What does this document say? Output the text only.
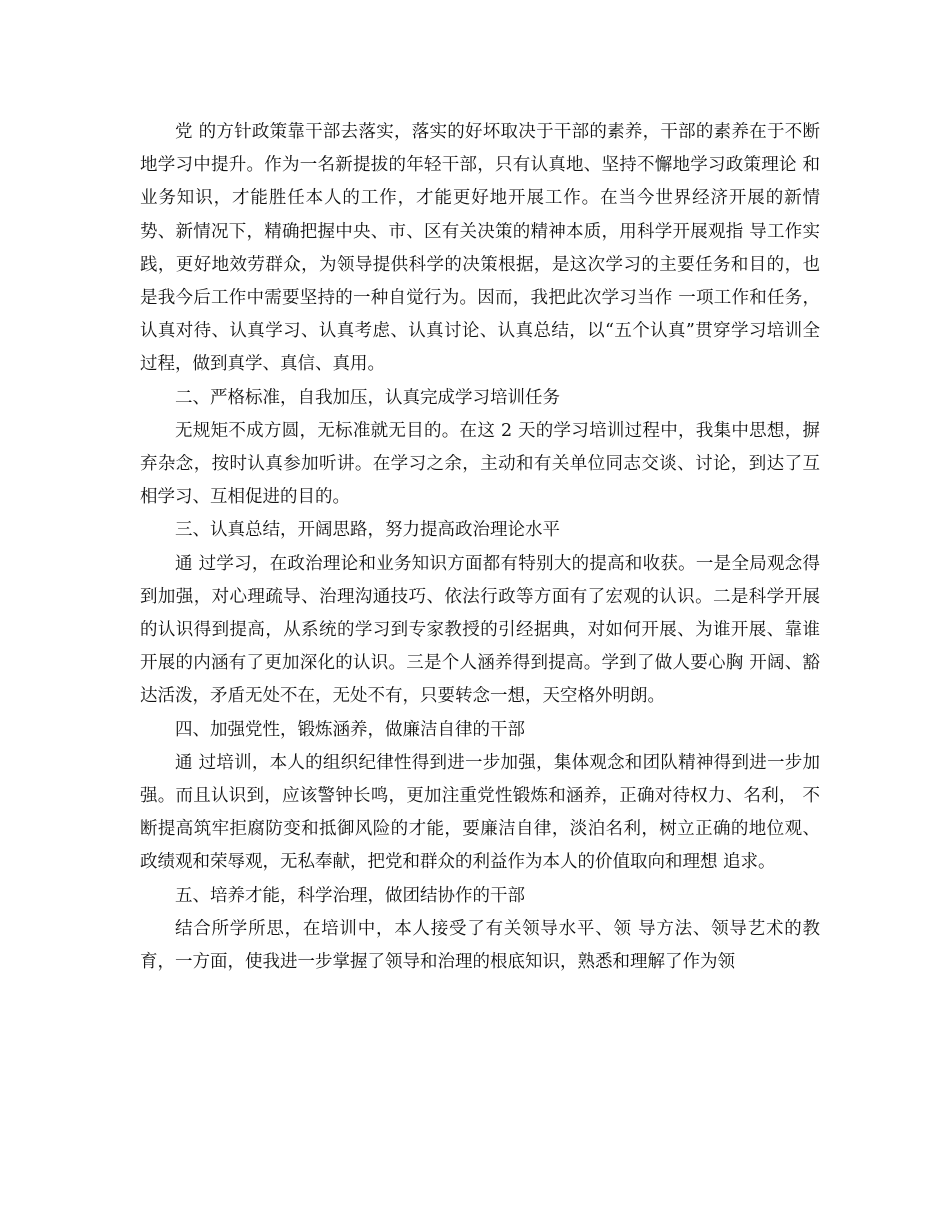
党 的方针政策靠干部去落实，落实的好坏取决于干部的素养，干部的素养在于不断地学习中提升。作为一名新提拔的年轻干部，只有认真地、坚持不懈地学习政策理论 和业务知识，才能胜任本人的工作，才能更好地开展工作。在当今世界经济开展的新情势、新情况下，精确把握中央、市、区有关决策的精神本质，用科学开展观指 导工作实践，更好地效劳群众，为领导提供科学的决策根据，是这次学习的主要任务和目的，也是我今后工作中需要坚持的一种自觉行为。因而，我把此次学习当作 一项工作和任务，认真对待、认真学习、认真考虑、认真讨论、认真总结，以“五个认真”贯穿学习培训全过程，做到真学、真信、真用。

二、严格标准，自我加压，认真完成学习培训任务

无规矩不成方圆，无标准就无目的。在这 2 天的学习培训过程中，我集中思想，摒弃杂念，按时认真参加听讲。在学习之余，主动和有关单位同志交谈、讨论，到达了互相学习、互相促进的目的。

三、认真总结，开阔思路，努力提高政治理论水平

通 过学习，在政治理论和业务知识方面都有特别大的提高和收获。一是全局观念得到加强，对心理疏导、治理沟通技巧、依法行政等方面有了宏观的认识。二是科学开展 的认识得到提高，从系统的学习到专家教授的引经据典，对如何开展、为谁开展、靠谁开展的内涵有了更加深化的认识。三是个人涵养得到提高。学到了做人要心胸 开阔、豁达活泼，矛盾无处不在，无处不有，只要转念一想，天空格外明朗。

四、加强党性，锻炼涵养，做廉洁自律的干部

通 过培训，本人的组织纪律性得到进一步加强，集体观念和团队精神得到进一步加强。而且认识到，应该警钟长鸣，更加注重党性锻炼和涵养，正确对待权力、名利， 不断提高筑牢拒腐防变和抵御风险的才能，要廉洁自律，淡泊名利，树立正确的地位观、政绩观和荣辱观，无私奉献，把党和群众的利益作为本人的价值取向和理想 追求。

五、培养才能，科学治理，做团结协作的干部

结合所学所思，在培训中，本人接受了有关领导水平、领 导方法、领导艺术的教育，一方面，使我进一步掌握了领导和治理的根底知识，熟悉和理解了作为领
